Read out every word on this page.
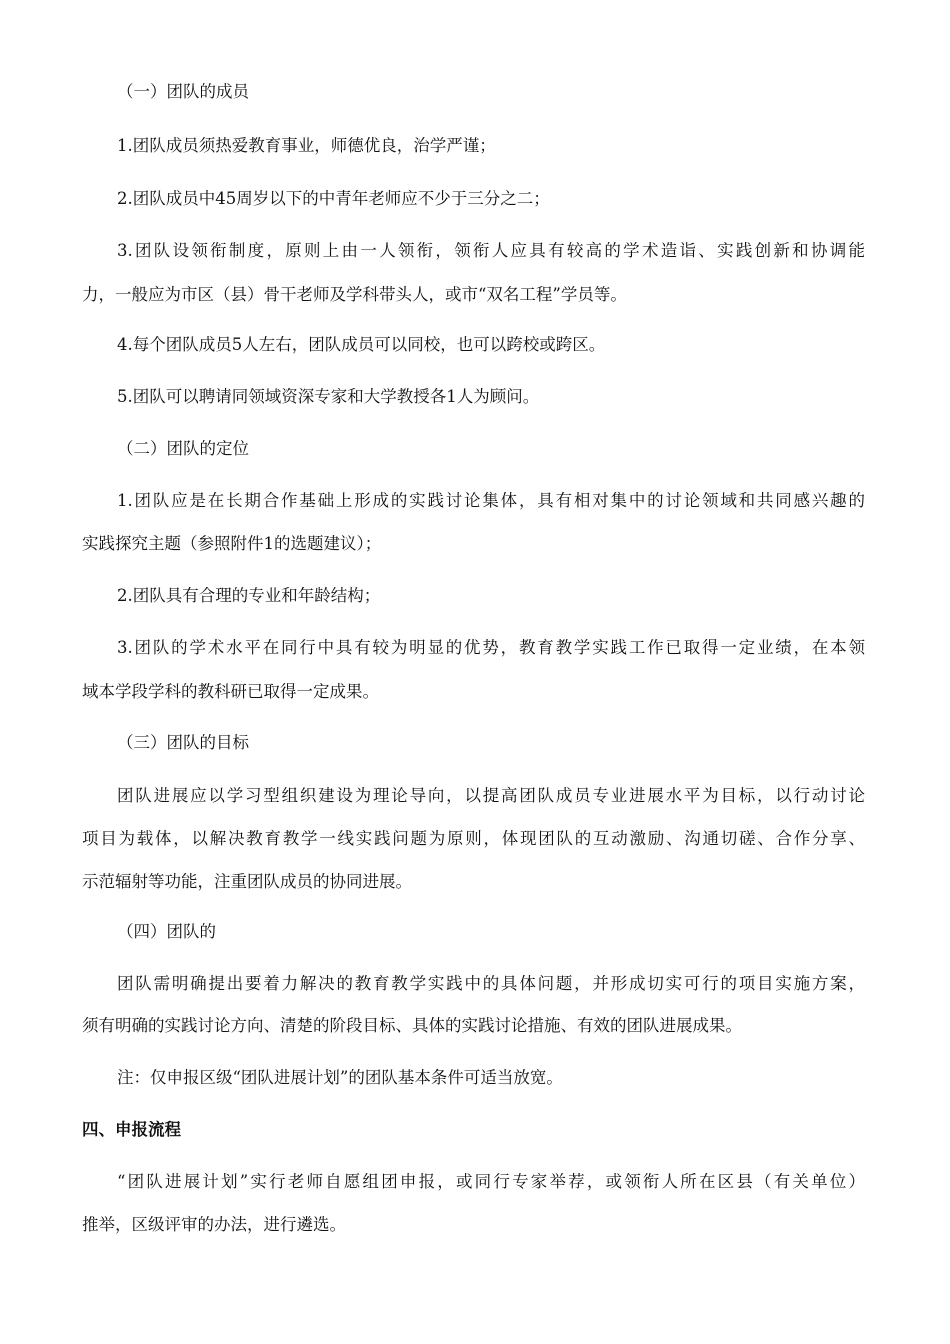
（一）团队的成员
1.团队成员须热爱教育事业，师德优良，治学严谨；
2.团队成员中45周岁以下的中青年老师应不少于三分之二；
3.团队设领衔制度，原则上由一人领衔，领衔人应具有较高的学术造诣、实践创新和协调能
力，一般应为市区（县）骨干老师及学科带头人，或市“双名工程”学员等。
4.每个团队成员5人左右，团队成员可以同校，也可以跨校或跨区。
5.团队可以聘请同领域资深专家和大学教授各1人为顾问。
（二）团队的定位
1.团队应是在长期合作基础上形成的实践讨论集体，具有相对集中的讨论领域和共同感兴趣的
实践探究主题（参照附件1的选题建议）；
2.团队具有合理的专业和年龄结构；
3.团队的学术水平在同行中具有较为明显的优势，教育教学实践工作已取得一定业绩，在本领
域本学段学科的教科研已取得一定成果。
（三）团队的目标
团队进展应以学习型组织建设为理论导向，以提高团队成员专业进展水平为目标，以行动讨论
项目为载体，以解决教育教学一线实践问题为原则，体现团队的互动激励、沟通切磋、合作分享、
示范辐射等功能，注重团队成员的协同进展。
（四）团队的
团队需明确提出要着力解决的教育教学实践中的具体问题，并形成切实可行的项目实施方案，
须有明确的实践讨论方向、清楚的阶段目标、具体的实践讨论措施、有效的团队进展成果。
注：仅申报区级“团队进展计划”的团队基本条件可适当放宽。
四、申报流程
“团队进展计划”实行老师自愿组团申报，或同行专家举荐，或领衔人所在区县（有关单位）
推举，区级评审的办法，进行遴选。
